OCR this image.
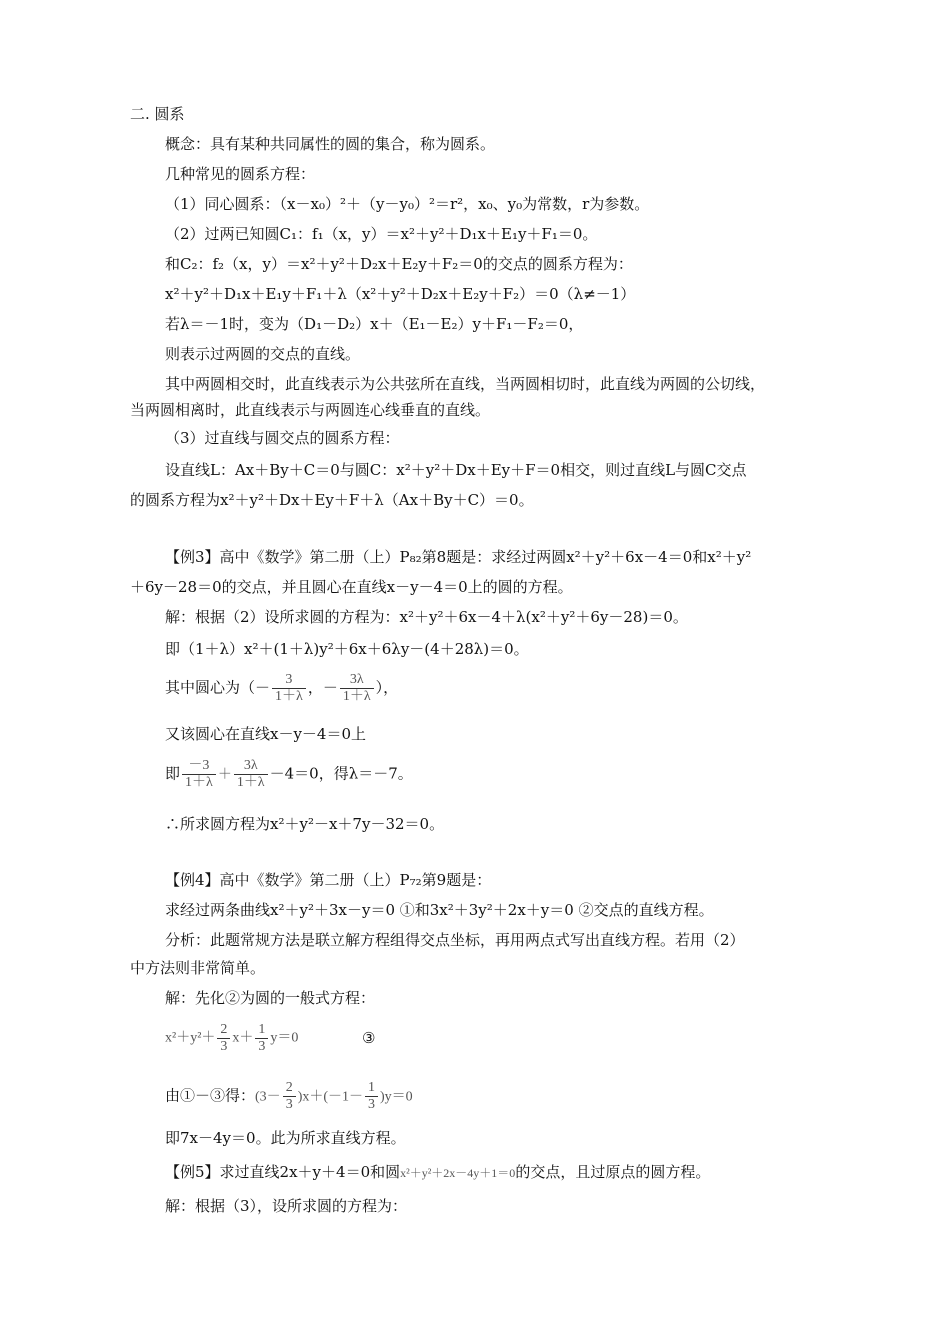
二. 圆系
概念：具有某种共同属性的圆的集合，称为圆系。
几种常见的圆系方程：
（1）同心圆系：（x－x₀）²＋（y－y₀）²＝r²，x₀、y₀为常数，r为参数。
（2）过两已知圆C₁：f₁（x，y）＝x²＋y²＋D₁x＋E₁y＋F₁＝0。
和C₂：f₂（x，y）＝x²＋y²＋D₂x＋E₂y＋F₂＝0的交点的圆系方程为：
x²＋y²＋D₁x＋E₁y＋F₁＋λ（x²＋y²＋D₂x＋E₂y＋F₂）＝0（λ≠－1）
若λ＝－1时，变为（D₁－D₂）x＋（E₁－E₂）y＋F₁－F₂＝0，
则表示过两圆的交点的直线。
其中两圆相交时，此直线表示为公共弦所在直线，当两圆相切时，此直线为两圆的公切线，
当两圆相离时，此直线表示与两圆连心线垂直的直线。
（3）过直线与圆交点的圆系方程：
设直线L：Ax＋By＋C＝0与圆C：x²＋y²＋Dx＋Ey＋F＝0相交，则过直线L与圆C交点
的圆系方程为x²＋y²＋Dx＋Ey＋F＋λ（Ax＋By＋C）＝0。
【例3】高中《数学》第二册（上）P₈₂第8题是：求经过两圆x²＋y²＋6x－4＝0和x²＋y²
＋6y－28＝0的交点，并且圆心在直线x－y－4＝0上的圆的方程。
解：根据（2）设所求圆的方程为：x²＋y²＋6x－4＋λ(x²＋y²＋6y－28)＝0。
即（1＋λ）x²＋(1＋λ)y²＋6x＋6λy－(4＋28λ)＝0。
其中圆心为（－ $\frac{3}{1+\lambda}$ ，－ $\frac{3\lambda}{1+\lambda}$ ），
又该圆心在直线x－y－4＝0上
即 $\frac{-3}{1+\lambda} + \frac{3\lambda}{1+\lambda} -4=0$，得λ＝－7。
∴所求圆方程为x²＋y²－x＋7y－32＝0。
【例4】高中《数学》第二册（上）P₇₂第9题是：
求经过两条曲线x²＋y²＋3x－y＝0 ①和3x²＋3y²＋2x＋y＝0 ②交点的直线方程。
分析：此题常规方法是联立解方程组得交点坐标，再用两点式写出直线方程。若用（2）
中方法则非常简单。
解：先化②为圆的一般式方程：
$x^2+y^2+ \frac{2}{3} x+ \frac{1}{3} y=0$	③
由①－③得：$(3- \frac{2}{3} )x+(-1- \frac{1}{3} )y=0$
即7x－4y＝0。此为所求直线方程。
【例5】求过直线2x＋y＋4＝0和圆x²＋y²＋2x－4y＋1＝0的交点，且过原点的圆方程。
解：根据（3），设所求圆的方程为：
